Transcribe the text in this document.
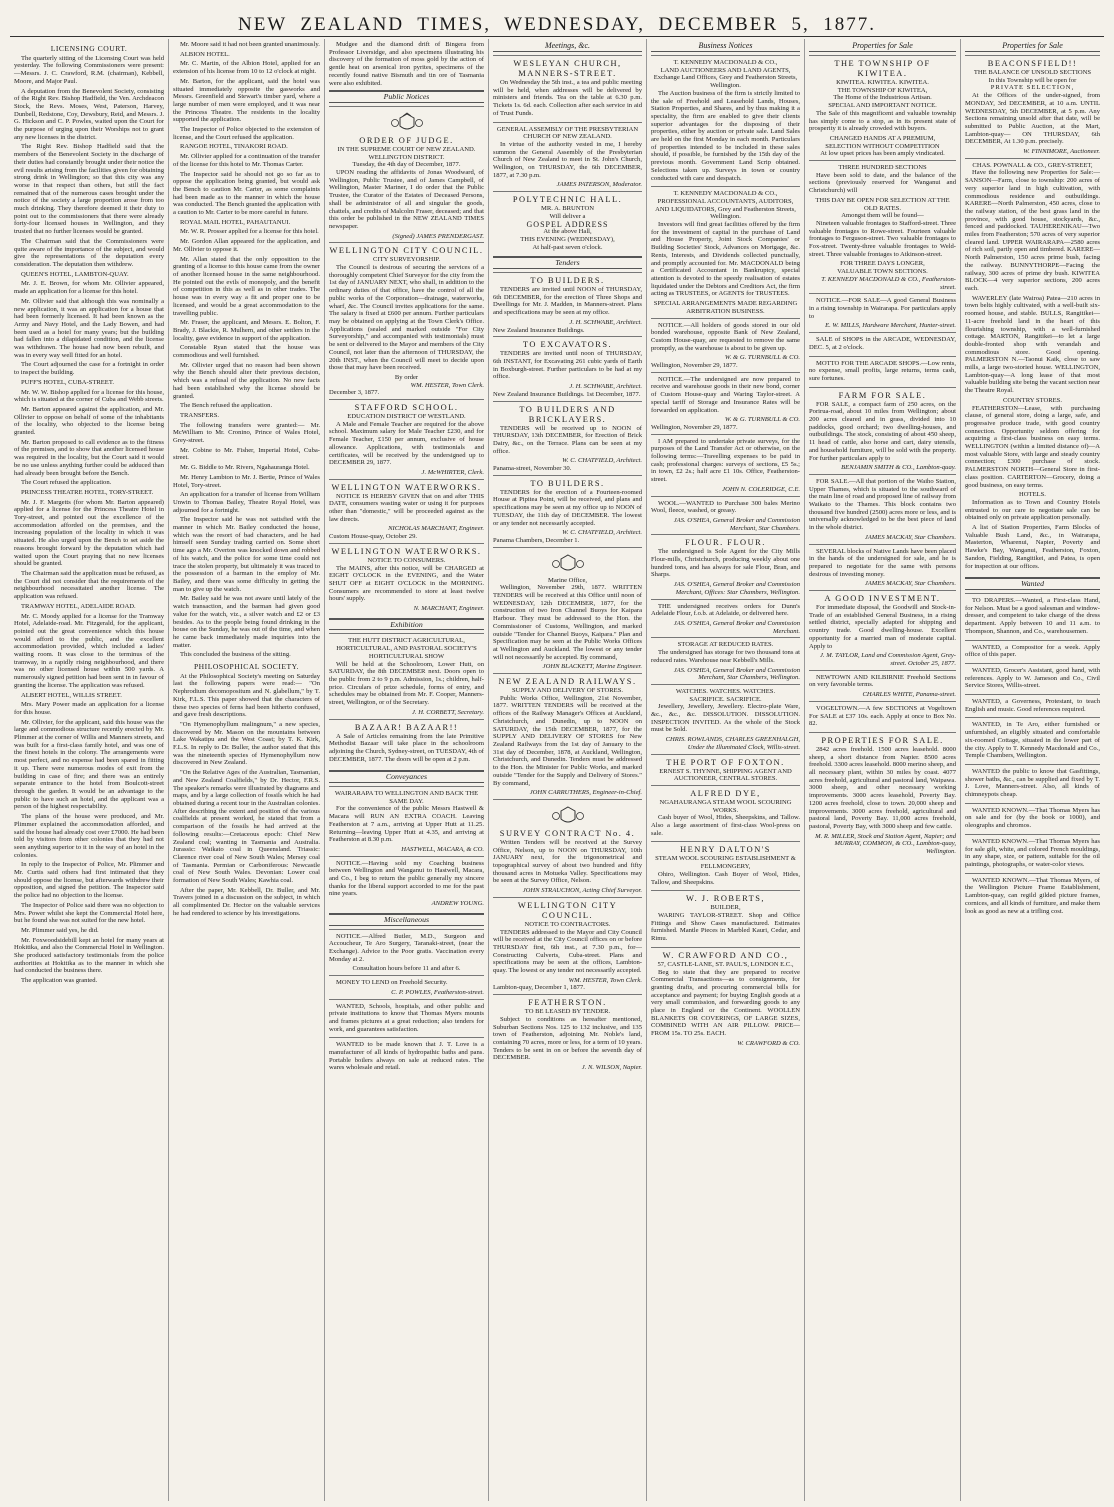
NEW  ZEALAND  TIMES,  WEDNESDAY,  DECEMBER  5,  1877.
LICENSING COURT.
The quarterly sitting of the Licensing Court was held yesterday. The following Commissioners were present:—Messrs. J. C. Crawford, R.M. (chairman), Kebbell, Moore, and Major Paul.
A deputation from the Benevolent Society, consisting of the Right Rev. Bishop Hadfield, the Ven. Archdeacon Stock, the Revs. Moses, West, Paterson, Harvey, Dunbell, Redstone, Coy, Dewsbury, Reid, and Messrs. J. G. Hickson and C. P. Powles, waited upon the Court for the purpose of urging upon their Worships not to grant any new licenses in the district.
The Right Rev. Bishop Hadfield said that the members of the Benevolent Society in the discharge of their duties had constantly brought under their notice the evil results arising from the facilities given for obtaining strong drink in Wellington; so that this city was any worse in that respect than others, but still the fact remained that of the numerous cases brought under the notice of the society a large proportion arose from too much drinking. They therefore deemed it their duty to point out to the commissioners that there were already forty-four licensed houses in Wellington, and they trusted that no further licenses would be granted.
The Chairman said that the Commissioners were quite aware of the importance of the subject, and would give the representations of the deputation every consideration. The deputation then withdrew.
QUEEN'S HOTEL, LAMBTON-QUAY.
Mr. J. E. Brown, for whom Mr. Ollivier appeared, made an application for a license for this hotel.
Mr. Ollivier said that although this was nominally a new application, it was an application for a house that had been formerly licensed. It had been known as the Army and Navy Hotel, and the Lady Bowen, and had been used as a hotel for many years; but the building had fallen into a dilapidated condition, and the license was withdrawn. The house had now been rebuilt, and was in every way well fitted for an hotel.
The Court adjourned the case for a fortnight in order to inspect the building.
PUFF'S HOTEL, CUBA-STREET.
Mr. W. W. Bishop applied for a license for this house, which is situated at the corner of Cuba and Webb streets.
Mr. Barton appeared against the application, and Mr. Ollivier to oppose on behalf of some of the inhabitants of the locality, who objected to the license being granted.
Mr. Barton proposed to call evidence as to the fitness of the premises, and to show that another licensed house was required in the locality, but the Court said it would be no use unless anything further could be adduced than had already been brought before the Bench.
The Court refused the application.
PRINCESS THEATRE HOTEL, TORY-STREET.
Mr. J. F. Margetts (for whom Mr. Barton appeared) applied for a license for the Princess Theatre Hotel in Tory-street, and pointed out the excellence of the accommodation afforded on the premises, and the increasing population of the locality in which it was situated. He also urged upon the Bench to set aside the reasons brought forward by the deputation which had waited upon the Court praying that no new licenses should be granted.
The Chairman said the application must be refused, as the Court did not consider that the requirements of the neighbourhood necessitated another license. The application was refused.
TRAMWAY HOTEL, ADELAIDE ROAD.
Mr. C. Moody applied for a license for the Tramway Hotel, Adelaide-road. Mr. Fitzgerald, for the applicant, pointed out the great convenience which this house would afford to the public, and the excellent accommodation provided, which included a ladies' waiting room. It was close to the terminus of the tramway, in a rapidly rising neighbourhood, and there was no other licensed house within 500 yards. A numerously signed petition had been sent in in favour of granting the license. The application was refused.
ALBERT HOTEL, WILLIS STREET.
Mrs. Mary Power made an application for a license for this house.
Mr. Ollivier, for the applicant, said this house was the large and commodious structure recently erected by Mr. Plimmer at the corner of Willis and Manners streets, and was built for a first-class family hotel, and was one of the finest hotels in the colony. The arrangements were most perfect, and no expense had been spared in fitting it up. There were numerous modes of exit from the building in case of fire; and there was an entirely separate entrance to the hotel from Boulcott-street through the garden. It would be an advantage to the public to have such an hotel, and the applicant was a person of the highest respectability.
The plans of the house were produced, and Mr. Plimmer explained the accommodation afforded, and said the house had already cost over £7000. He had been told by visitors from other colonies that they had not seen anything superior to it in the way of an hotel in the colonies.
In reply to the Inspector of Police, Mr. Plimmer and Mr. Curtis said others had first intimated that they should oppose the license, but afterwards withdrew their opposition, and signed the petition. The Inspector said the police had no objection to the license.
The Inspector of Police said there was no objection to Mrs. Power whilst she kept the Commercial Hotel here, but he found she was not suited for the new hotel.
Mr. Plimmer said yes, he did.
Mr. Foxwoodsidebill kept an hotel for many years at Hokitika, and also the Commercial Hotel in Wellington. She produced satisfactory testimonials from the police authorities at Hokitika as to the manner in which she had conducted the business there.
The application was granted.
Mr. Moore said it had not been granted unanimously.
ALBION HOTEL.
Mr. C. Martin, of the Albion Hotel, applied for an extension of his license from 10 to 12 o'clock at night.
Mr. Barton, for the applicant, said the hotel was situated immediately opposite the gasworks and Messrs. Greenfield and Stewart's timber yard, where a large number of men were employed, and it was near the Princess Theatre. The residents in the locality supported the application.
The Inspector of Police objected to the extension of license, and the Court refused the application.
RANGOE HOTEL, TINAKORI ROAD.
Mr. Ollivier applied for a continuation of the transfer of the license for this hotel to Mr. Thomas Carter.
The Inspector said he should not go so far as to oppose the application being granted, but would ask the Bench to caution Mr. Carter, as some complaints had been made as to the manner in which the house was conducted. The Bench granted the application with a caution to Mr. Carter to be more careful in future.
ROYAL MAIL HOTEL, PAHAUTANUI.
Mr. W. R. Prosser applied for a license for this hotel.
Mr. Gordon Allan appeared for the application, and Mr. Ollivier to oppose it.
Mr. Allan stated that the only opposition to the granting of a license to this house came from the owner of another licensed house in the same neighbourhood. He pointed out the evils of monopoly, and the benefit of competition in this as well as in other trades. The house was in every way a fit and proper one to be licensed, and would be a great accommodation to the travelling public.
Mr. Fraser, the applicant, and Messrs. E. Bolton, F. Brady, J. Blackie, R. Mulhern, and other settlers in the locality, gave evidence in support of the application.
Constable Ryan stated that the house was commodious and well furnished.
Mr. Ollivier urged that no reason had been shown why the Bench should alter their previous decision, which was a refusal of the application. No new facts had been established why the license should be granted.
The Bench refused the application.
TRANSFERS.
The following transfers were granted:— Mr. McWilliam to Mr. Cronino, Prince of Wales Hotel, Grey-street.
Mr. Cobine to Mr. Fisher, Imperial Hotel, Cuba-street.
Mr. G. Biddle to Mr. Rivers, Ngahauranga Hotel.
Mr. Henry Lambton to Mr. J. Bertie, Prince of Wales Hotel, Tory-street.
An application for a transfer of license from William Unwin to Thomas Bailey, Theatre Royal Hotel, was adjourned for a fortnight.
The Inspector said he was not satisfied with the manner in which Mr. Bailey conducted the house, which was the resort of bad characters, and he had himself seen Sunday trading carried on. Some short time ago a Mr. Overton was knocked down and robbed of his watch, and the police for some time could not trace the stolen property, but ultimately it was traced to the possession of a barman in the employ of Mr. Bailey, and there was some difficulty in getting the man to give up the watch.
Mr. Bailey said he was not aware until lately of the watch transaction, and the barman had given good value for the watch, viz., a silver watch and £2 or £3 besides. As to the people being found drinking in the house on the Sunday, he was out of the time, and when he came back immediately made inquiries into the matter.
This concluded the business of the sitting.
PHILOSOPHICAL SOCIETY.
At the Philosophical Society's meeting on Saturday last the following papers were read:— "On Nephrodium decomopositum and N. glabellum," by T. Kirk, F.L.S. This paper showed that the characters of these two species of ferns had been hitherto confused, and gave fresh descriptions.
"On Hymenophyllum malingnum," a new species, discovered by Mr. Mason on the mountains between Lake Wakatipu and the West Coast; by T. K. Kirk, F.L.S. In reply to Dr. Buller, the author stated that this was the nineteenth species of Hymenophyllum now discovered in New Zealand.
"On the Relative Ages of the Australian, Tasmanian, and New Zealand Coalfields," by Dr. Hector, F.R.S. The speaker's remarks were illustrated by diagrams and maps, and by a large collection of fossils which he had obtained during a recent tour in the Australian colonies. After describing the extent and position of the various coalfields at present worked, he stated that from a comparison of the fossils he had arrived at the following results:—Cretaceous epoch: Chief New Zealand coal; wanting in Tasmania and Australia. Jurassic: Waikato coal in Queensland. Triassic: Clarence river coal of New South Wales; Mersey coal of Tasmania. Permian or Carboniferous: Newcastle coal of New South Wales. Devonian: Lower coal formation of New South Wales; Kawhia coal.
After the paper, Mr. Kebbell, Dr. Buller, and Mr. Travers joined in a discussion on the subject, in which all complimented Dr. Hector on the valuable services he had rendered to science by his investigations.
Mudgee and the diamond drift of Bingera from Professor Liversidge, and also specimens illustrating his discovery of the formation of moss gold by the action of gentle heat on arsenical iron pyrites, specimens of the recently found native Bismuth and tin ore of Tasmania were also exhibited.
Public Notices
ORDER OF JUDGE.
IN THE SUPREME COURT OF NEW ZEALAND.
WELLINGTON DISTRICT.
Tuesday, the 4th day of December, 1877.
UPON reading the affidavits of Jonas Woodward, of Wellington, Public Trustee, and of James Campbell, of Wellington, Master Mariner, I do order that the Public Trustee, the Curator of the Estates of Deceased Persons, shall be administrator of all and singular the goods, chattels, and credits of Malcolm Fraser, deceased; and that this order be published in the NEW ZEALAND TIMES newspaper.
(Signed) JAMES PRENDERGAST.
WELLINGTON CITY COUNCIL.
CITY SURVEYORSHIP.
The Council is desirous of securing the services of a thoroughly competent Chief Surveyor for the city from the 1st day of JANUARY NEXT, who shall, in addition to the ordinary duties of that office, have the control of all the public works of the Corporation—drainage, waterworks, wharf, &c. The Council invites applications for the same. The salary is fixed at £600 per annum. Further particulars may be obtained on applying at the Town Clerk's Office. Applications (sealed and marked outside "For City Surveyorship," and accompanied with testimonials) must be sent or delivered to the Mayor and members of the City Council, not later than the afternoon of THURSDAY, the 20th INST., when the Council will meet to decide upon those that may have been received.
By order
WM. HESTER, Town Clerk.
December 3, 1877.
STAFFORD SCHOOL.
EDUCATION DISTRICT OF WESTLAND.
A Male and Female Teacher are required for the above school. Maximum salary for Male Teacher £230, and for Female Teacher, £150 per annum, exclusive of house allowance. Applications, with testimonials and certificates, will be received by the undersigned up to DECEMBER 29, 1877.
J. McWHIRTER, Clerk.
WELLINGTON WATERWORKS.
NOTICE IS HEREBY GIVEN that on and after THIS DATE, consumers wasting water or using it for purposes other than "domestic," will be proceeded against as the law directs.
NICHOLAS MARCHANT, Engineer.
Custom House-quay, October 29.
WELLINGTON WATERWORKS.
NOTICE TO CONSUMERS.
The MAINS, after this notice, will be CHARGED at EIGHT O'CLOCK in the EVENING, and the Water SHUT OFF at EIGHT O'CLOCK in the MORNING. Consumers are recommended to store at least twelve hours' supply.
N. MARCHANT, Engineer.
Exhibition
THE HUTT DISTRICT AGRICULTURAL, HORTICULTURAL, AND PASTORAL SOCIETY'S HORTICULTURAL SHOW
Will be held at the Schoolroom, Lower Hutt, on SATURDAY, the 8th DECEMBER next. Doors open to the public from 2 to 9 p.m. Admission, 1s.; children, half-price. Circulars of prize schedule, forms of entry, and schedules may be obtained from Mr. F. Cooper, Manners-street, Wellington, or of the Secretary.
J. H. CORBETT, Secretary.
BAZAAR! BAZAAR!!
A Sale of Articles remaining from the late Primitive Methodist Bazaar will take place in the schoolroom adjoining the Church, Sydney-street, on TUESDAY, 4th of DECEMBER, 1877. The doors will be open at 2 p.m.
Conveyances
WAIRARAPA TO WELLINGTON AND BACK THE SAME DAY.
For the convenience of the public Messrs Hastwell & Macara will RUN AN EXTRA COACH. Leaving Featherston at 7 a.m., arriving at Upper Hutt at 11.25. Returning—leaving Upper Hutt at 4.35, and arriving at Featherston at 8.30 p.m.
HASTWELL, MACARA, & CO.
NOTICE.—Having sold my Coaching business between Wellington and Wanganui to Hastwell, Macara, and Co., I beg to return the public generally my sincere thanks for the liberal support accorded to me for the past nine years.
ANDREW YOUNG.
Miscellaneous
NOTICE.—Alfred Butler, M.D., Surgeon and Accoucheur, Te Aro Surgery, Taranaki-street, (near the Exchange). Advice to the Poor gratis. Vaccination every Monday at 2.
Consultation hours before 11 and after 6.
MONEY TO LEND on Freehold Security.
C. P. POWLES, Featherston-street.
WANTED, Schools, hospitals, and other public and private institutions to know that Thomas Myers mounts and frames pictures at a great reduction; also tenders for work, and guarantees satisfaction.
WANTED to be made known that J. T. Love is a manufacturer of all kinds of hydropathic baths and pans. Portable boilers always on sale at reduced rates. The wares wholesale and retail.
Meetings, &c.
WESLEYAN CHURCH, MANNERS-STREET.
On Wednesday the 5th inst., a tea and public meeting will be held, when addresses will be delivered by ministers and friends. Tea on the table at 6.30 p.m. Tickets 1s. 6d. each. Collection after each service in aid of Trust Funds.
GENERAL ASSEMBLY OF THE PRESBYTERIAN CHURCH OF NEW ZEALAND.
In virtue of the authority vested in me, I hereby summon the General Assembly of the Presbyterian Church of New Zealand to meet in St. John's Church, Wellington, on THURSDAY, the 6th DECEMBER, 1877, at 7.30 p.m.
JAMES PATERSON, Moderator.
POLYTECHNIC HALL.
MR. A. BRUNTON
Will deliver a
GOSPEL ADDRESS
At the above Hall,
THIS EVENING (WEDNESDAY),
At half-past seven o'clock.
Tenders
TO BUILDERS.
TENDERS are invited until NOON of THURSDAY, 6th DECEMBER, for the erection of Three Shops and Dwellings for Mr. J. Madden, in Manners-street. Plans and specifications may be seen at my office.
J. H. SCHWABE, Architect.
New Zealand Insurance Buildings.
TO EXCAVATORS.
TENDERS are invited until noon of THURSDAY, 6th INSTANT, for Excavating 261 cubic yards of Earth in Boxburgh-street. Further particulars to be had at my office.
J. H. SCHWABE, Architect.
New Zealand Insurance Buildings. 1st December, 1877.
TO BUILDERS AND BRICKLAYERS.
TENDERS will be received up to NOON of THURSDAY, 13th DECEMBER, for Erection of Brick Dairy, &c., on the Terrace. Plans can be seen at my office.
W. C. CHATFIELD, Architect.
Panama-street, November 30.
TO BUILDERS.
TENDERS for the erection of a Fourteen-roomed House at Pipitea Point, will be received, and plans and specifications may be seen at my office up to NOON of TUESDAY, the 11th day of DECEMBER. The lowest or any tender not necessarily accepted.
W. C. CHATFIELD, Architect.
Panama Chambers, December 1.
Marine Office,
Wellington, November 29th, 1877. WRITTEN TENDERS will be received at this Office until noon of WEDNESDAY, 12th DECEMBER, 1877, for the construction of two Iron Channel Buoys for Kaipara Harbour. They must be addressed to the Hon. the Commissioner of Customs, Wellington, and marked outside "Tender for Channel Buoys, Kaipara." Plan and Specification may be seen at the Public Works Offices at Wellington and Auckland. The lowest or any tender will not necessarily be accepted. By command,
JOHN BLACKETT, Marine Engineer.
NEW ZEALAND RAILWAYS.
SUPPLY AND DELIVERY OF STORES.
Public Works Office, Wellington, 21st November, 1877. WRITTEN TENDERS will be received at the offices of the Railway Manager's Offices at Auckland, Christchurch, and Dunedin, up to NOON on SATURDAY, the 15th DECEMBER, 1877, for the SUPPLY AND DELIVERY OF STORES for New Zealand Railways from the 1st day of January to the 31st day of December, 1878, at Auckland, Wellington, Christchurch, and Dunedin. Tenders must be addressed to the Hon. the Minister for Public Works, and marked outside "Tender for the Supply and Delivery of Stores." By command,
JOHN CARRUTHERS, Engineer-in-Chief.
SURVEY CONTRACT No. 4.
Written Tenders will be received at the Survey Office, Nelson, up to NOON on THURSDAY, 10th JANUARY next, for the trigonometrical and topographical survey of about two hundred and fifty thousand acres in Motueka Valley. Specifications may be seen at the Survey Office, Nelson.
JOHN STRAUCHON, Acting Chief Surveyor.
WELLINGTON CITY COUNCIL.
NOTICE TO CONTRACTORS.
TENDERS addressed to the Mayor and City Council will be received at the City Council offices on or before THURSDAY first, 6th inst., at 7.30 p.m., for—Constructing Culverts, Cuba-street. Plans and specifications may be seen at the offices, Lambton-quay. The lowest or any tender not necessarily accepted.
WM. HESTER, Town Clerk.
Lambton-quay, December 1, 1877.
FEATHERSTON.
TO BE LEASED BY TENDER.
Subject to conditions as hereafter mentioned, Suburban Sections Nos. 125 to 132 inclusive, and 135 town of Featherston, adjoining Mr. Noble's land, containing 70 acres, more or less, for a term of 10 years. Tenders to be sent in on or before the seventh day of DECEMBER.
J. N. WILSON, Napier.
Business Notices
T. KENNEDY MACDONALD & CO.,
LAND AUCTIONEERS AND LAND AGENTS, Exchange Land Offices, Grey and Featherston Streets, Wellington.
The Auction business of the firm is strictly limited to the sale of Freehold and Leasehold Lands, Houses, Station Properties, and Shares, and by thus making it a speciality, the firm are enabled to give their clients superior advantages for the disposing of their properties, either by auction or private sale. Land Sales are held on the first Monday in each month. Particulars of properties intended to be included in these sales should, if possible, be furnished by the 15th day of the previous month. Government Land Scrip obtained. Selections taken up. Surveys in town or country conducted with care and despatch.
T. KENNEDY MACDONALD & CO.,
PROFESSIONAL ACCOUNTANTS, AUDITORS, AND LIQUIDATORS, Grey and Featherston Streets, Wellington.
Investors will find great facilities offered by the firm for the investment of capital in the purchase of Land and House Property, Joint Stock Companies' or Building Societies' Stock, Advances on Mortgage, &c. Rents, Interests, and Dividends collected punctually, and promptly accounted for. Mr. MACDONALD being a Certificated Accountant in Bankruptcy, special attention is devoted to the speedy realisation of estates liquidated under the Debtors and Creditors Act, the firm acting as TRUSTEES, or AGENTS for TRUSTEES.
SPECIAL ARRANGEMENTS MADE REGARDING ARBITRATION BUSINESS.
NOTICE.—All holders of goods stored in our old bonded warehouse, opposite Bank of New Zealand, Custom House-quay, are requested to remove the same promptly, as the warehouse is about to be given up.
W. & G. TURNBULL & CO.
Wellington, November 29, 1877.
NOTICE.—The undersigned are now prepared to receive and warehouse goods in their new bond, corner of Custom House-quay and Waring Taylor-street. A special tariff of Storage and Insurance Rates will be forwarded on application.
W. & G. TURNBULL & CO.
Wellington, November 29, 1877.
I AM prepared to undertake private surveys, for the purposes of the Land Transfer Act or otherwise, on the following terms:—Travelling expenses to be paid in cash; professional charges: surveys of sections, £5 5s.; in town, £2 2s.; half acre £1 10s. Office, Featherston-street.
JOHN N. COLERIDGE, C.E.
WOOL.—WANTED to Purchase 300 bales Merino Wool, fleece, washed, or greasy.
JAS. O'SHEA, General Broker and Commission Merchant, Star Chambers.
FLOUR. FLOUR.
The undersigned is Sole Agent for the City Mills Flour-mills, Christchurch, producing weekly about one hundred tons, and has always for sale Flour, Bran, and Sharps.
JAS. O'SHEA, General Broker and Commission Merchant, Offices: Star Chambers, Wellington.
THE undersigned receives orders for Dunn's Adelaide Flour, f.o.b. at Adelaide, or delivered here.
JAS. O'SHEA, General Broker and Commission Merchant.
STORAGE AT REDUCED RATES.
The undersigned has storage for two thousand tons at reduced rates. Warehouse near Kebbell's Mills.
JAS. O'SHEA, General Broker and Commission Merchant, Star Chambers, Wellington.
WATCHES. WATCHES. WATCHES.
SACRIFICE. SACRIFICE.
Jewellery, Jewellery, Jewellery. Electro-plate Ware, &c., &c., &c. DISSOLUTION. DISSOLUTION. INSPECTION INVITED. As the whole of the Stock must be Sold.
CHRIS. ROWLANDS, CHARLES GREENHALGH, Under the Illuminated Clock, Willis-street.
THE PORT OF FOXTON.
ERNEST S. THYNNE, SHIPPING AGENT AND AUCTIONEER, CENTRAL STORES.
ALFRED DYE,
NGAHAURANGA STEAM WOOL SCOURING WORKS.
Cash buyer of Wool, Hides, Sheepskins, and Tallow. Also a large assortment of first-class Wool-press on sale.
HENRY DALTON'S
STEAM WOOL SCOURING ESTABLISHMENT & FELLMONGERY,
Ohiro, Wellington. Cash Buyer of Wool, Hides, Tallow, and Sheepskins.
W. J. ROBERTS,
BUILDER,
WARING TAYLOR-STREET. Shop and Office Fittings and Show Cases manufactured. Estimates furnished. Mantle Pieces in Marbled Kauri, Cedar, and Rimu.
W. CRAWFORD AND CO.,
57, CASTLE-LANE, ST. PAUL'S, LONDON E.C.,
Beg to state that they are prepared to receive Commercial Transactions—as to consignments, for granting drafts, and procuring commercial bills for acceptance and payment; for buying English goods at a very small commission, and forwarding goods to any place in England or the Continent. WOOLLEN BLANKETS OR COVERINGS, OF LARGE SIZES, COMBINED WITH AN AIR PILLOW. PRICE—FROM 15s. TO 25s. EACH.
W. CRAWFORD & CO.
Properties for Sale
THE TOWNSHIP OF KIWITEA.
KIWITEA. KIWITEA. KIWITEA.
THE TOWNSHIP OF KIWITEA,
The Home of the Industrious Artisan.
SPECIAL AND IMPORTANT NOTICE.
The Sale of this magnificent and valuable township has simply come to a stop, as in its present state of prosperity it is already crowded with buyers.
CHANGED HANDS AT A PREMIUM,
SELECTION WITHOUT COMPETITION
At low upset prices has been amply vindicated.
THREE HUNDRED SECTIONS
Have been sold to date, and the balance of the sections (previously reserved for Wanganui and Christchurch) will
THIS DAY BE OPEN FOR SELECTION AT THE OLD RATES.
Amongst them will be found—
Nineteen valuable frontages to Stafford-street. Three valuable frontages to Rowe-street. Fourteen valuable frontages to Ferguson-street. Two valuable frontages to Fox-street. Twenty-three valuable frontages to Weld-street. Three valuable frontages to Atkinson-street.
FOR THREE DAYS LONGER,
VALUABLE TOWN SECTIONS.
T. KENNEDY MACDONALD & CO., Featherston-street.
NOTICE.—FOR SALE—A good General Business in a rising township in Wairarapa. For particulars apply to
E. W. MILLS, Hardware Merchant, Hunter-street.
SALE of SHOPS in the ARCADE, WEDNESDAY, DEC. 5, at 2 o'clock.
MOTTO FOR THE ARCADE SHOPS.—Low rents, no expense, small profits, large returns, terms cash, sure fortunes.
FARM FOR SALE.
FOR SALE, a compact farm of 250 acres, on the Porirua-road, about 10 miles from Wellington; about 200 acres cleared and in grass, divided into 10 paddocks, good orchard; two dwelling-houses, and outbuildings. The stock, consisting of about 450 sheep, 11 head of cattle, also horse and cart, dairy utensils, and household furniture, will be sold with the property. For further particulars apply to
BENJAMIN SMITH & CO., Lambton-quay.
FOR SALE.—All that portion of the Waiho Station, Upper Thames, which is situated to the southward of the main line of road and proposed line of railway from Waikato to the Thames. This block contains two thousand five hundred (2500) acres more or less, and is universally acknowledged to be the best piece of land in the whole district.
JAMES MACKAY, Star Chambers.
SEVERAL blocks of Native Lands have been placed in the hands of the undersigned for sale, and he is prepared to negotiate for the same with persons desirous of investing money.
JAMES MACKAY, Star Chambers.
A GOOD INVESTMENT.
For immediate disposal, the Goodwill and Stock-in-Trade of an established General Business, in a rising settled district, specially adapted for shipping and country trade. Good dwelling-house. Excellent opportunity for a married man of moderate capital. Apply to
J. M. TAYLOR, Land and Commission Agent, Grey-street. October 25, 1877.
NEWTOWN AND KILBIRNIE Freehold Sections on very favorable terms.
CHARLES WHITE, Panama-street.
VOGELTOWN.—A few SECTIONS at Vogeltown For SALE at £37 10s. each. Apply at once to Box No. 82.
PROPERTIES FOR SALE.
2842 acres freehold. 1500 acres leasehold. 8000 sheep, a short distance from Napier. 8500 acres freehold. 3300 acres leasehold. 8000 merino sheep, and all necessary plant, within 30 miles by coast. 4077 acres freehold, agricultural and pastoral land, Waipawa. 3000 sheep, and other necessary working improvements. 3000 acres leasehold, Poverty Bay. 1200 acres freehold, close to town. 20,000 sheep and improvements. 3000 acres freehold, agricultural and pastoral land, Poverty Bay. 11,000 acres freehold, pastoral, Poverty Bay, with 3000 sheep and few cattle.
M. R. MILLER, Stock and Station Agent, Napier; and MURRAY, COMMON, & CO., Lambton-quay, Wellington.
Properties for Sale
BEACONSFIELD!!
THE BALANCE OF UNSOLD SECTIONS
In this Township will be open for
PRIVATE SELECTION,
At the Offices of the under-signed, from MONDAY, 3rd DECEMBER, at 10 a.m. UNTIL WEDNESDAY, 5th DECEMBER, at 5 p.m. Any Sections remaining unsold after that date, will be submitted to Public Auction, at the Mart, Lambton-quay— ON THURSDAY, 6th DECEMBER, At 1.30 p.m. precisely.
W. FINNIMORE, Auctioneer.
CHAS. POWNALL & CO., GREY-STREET,
Have the following new Properties for Sale:— SANSON—Farm, close to township: 200 acres of very superior land in high cultivation, with commodious residence and outbuildings. KARERE—North Palmerston, 450 acres, close to the railway station, of the best grass land in the province, with good house, stockyards, &c., fenced and paddocked. TAUHERENIKAU—Two miles from Featherston; 570 acres of very superior cleared land. UPPER WAIRARAPA—2580 acres of rich soil, partly open and timbered. KARERE—North Palmerston, 150 acres prime bush, facing the railway. BUNNYTHORPE—Facing the railway, 300 acres of prime dry bush. KIWITEA BLOCK—4 very superior sections, 200 acres each.
WAVERLEY (late Wairoa) Patea—210 acres in town belts highly cultivated, with a well-built six-roomed house, and stable. BULLS, Rangitikei—11-acre freehold land in the heart of this flourishing township, with a well-furnished cottage. MARTON, Rangitikei—to let a large double-fronted shop with verandah and commodious store. Good opening. PALMERSTON N.—Taonui Kaik, close to saw mills, a large two-storied house. WELLINGTON, Lambton-quay—A long lease of that most valuable building site being the vacant section near the Theatre Royal.
COUNTRY STORES.
FEATHERSTON—Lease, with purchasing clause, of general store, doing a large, safe, and progressive produce trade, with good country connection. Opportunity seldom offering for acquiring a first-class business on easy terms. WELLINGTON (within a limited distance of)—A most valuable Store, with large and steady country connection; £300 purchase of stock. PALMERSTON NORTH—General Store in first-class position. CARTERTON—Grocery, doing a good business, on easy terms.
HOTELS.
Information as to Town and Country Hotels entrusted to our care to negotiate sale can be obtained only on private application personally.
A list of Station Properties, Farm Blocks of Valuable Bush Land, &c., in Wairarapa, Masterton, Wharenui, Napier, Poverty and Hawke's Bay, Wanganui, Featherston, Foxton, Sandon, Fielding, Rangitikei, and Patea, is open for inspection at our offices.
Wanted
TO DRAPERS.—Wanted, a First-class Hand, for Nelson. Must be a good salesman and window-dresser, and competent to take charge of the dress department. Apply between 10 and 11 a.m. to Thompson, Shannon, and Co., warehousemen.
WANTED, a Compositor for a week. Apply office of this paper.
WANTED, Grocer's Assistant, good hand, with references. Apply to W. Jameson and Co., Civil Service Stores, Willis-street.
WANTED, a Governess, Protestant, to teach English and music. Good references required.
WANTED, in Te Aro, either furnished or unfurnished, an eligibly situated and comfortable six-roomed Cottage, situated in the lower part of the city. Apply to T. Kennedy Macdonald and Co., Temple Chambers, Wellington.
WANTED the public to know that Gasfittings, shower baths, &c., can be supplied and fixed by T. J. Love, Manners-street. Also, all kinds of chimneypots cheap.
WANTED KNOWN.—That Thomas Myers has on sale and for (by the book or 1000), and oleographs and chromos.
WANTED KNOWN.—That Thomas Myers has for sale gilt, white, and colored French mouldings, in any shape, size, or pattern, suitable for the oil paintings, photographs, or water-color views.
WANTED KNOWN.—That Thomas Myers, of the Wellington Picture Frame Establishment, Lambton-quay, can regild gilded picture frames, cornices, and all kinds of furniture, and make them look as good as new at a trifling cost.
